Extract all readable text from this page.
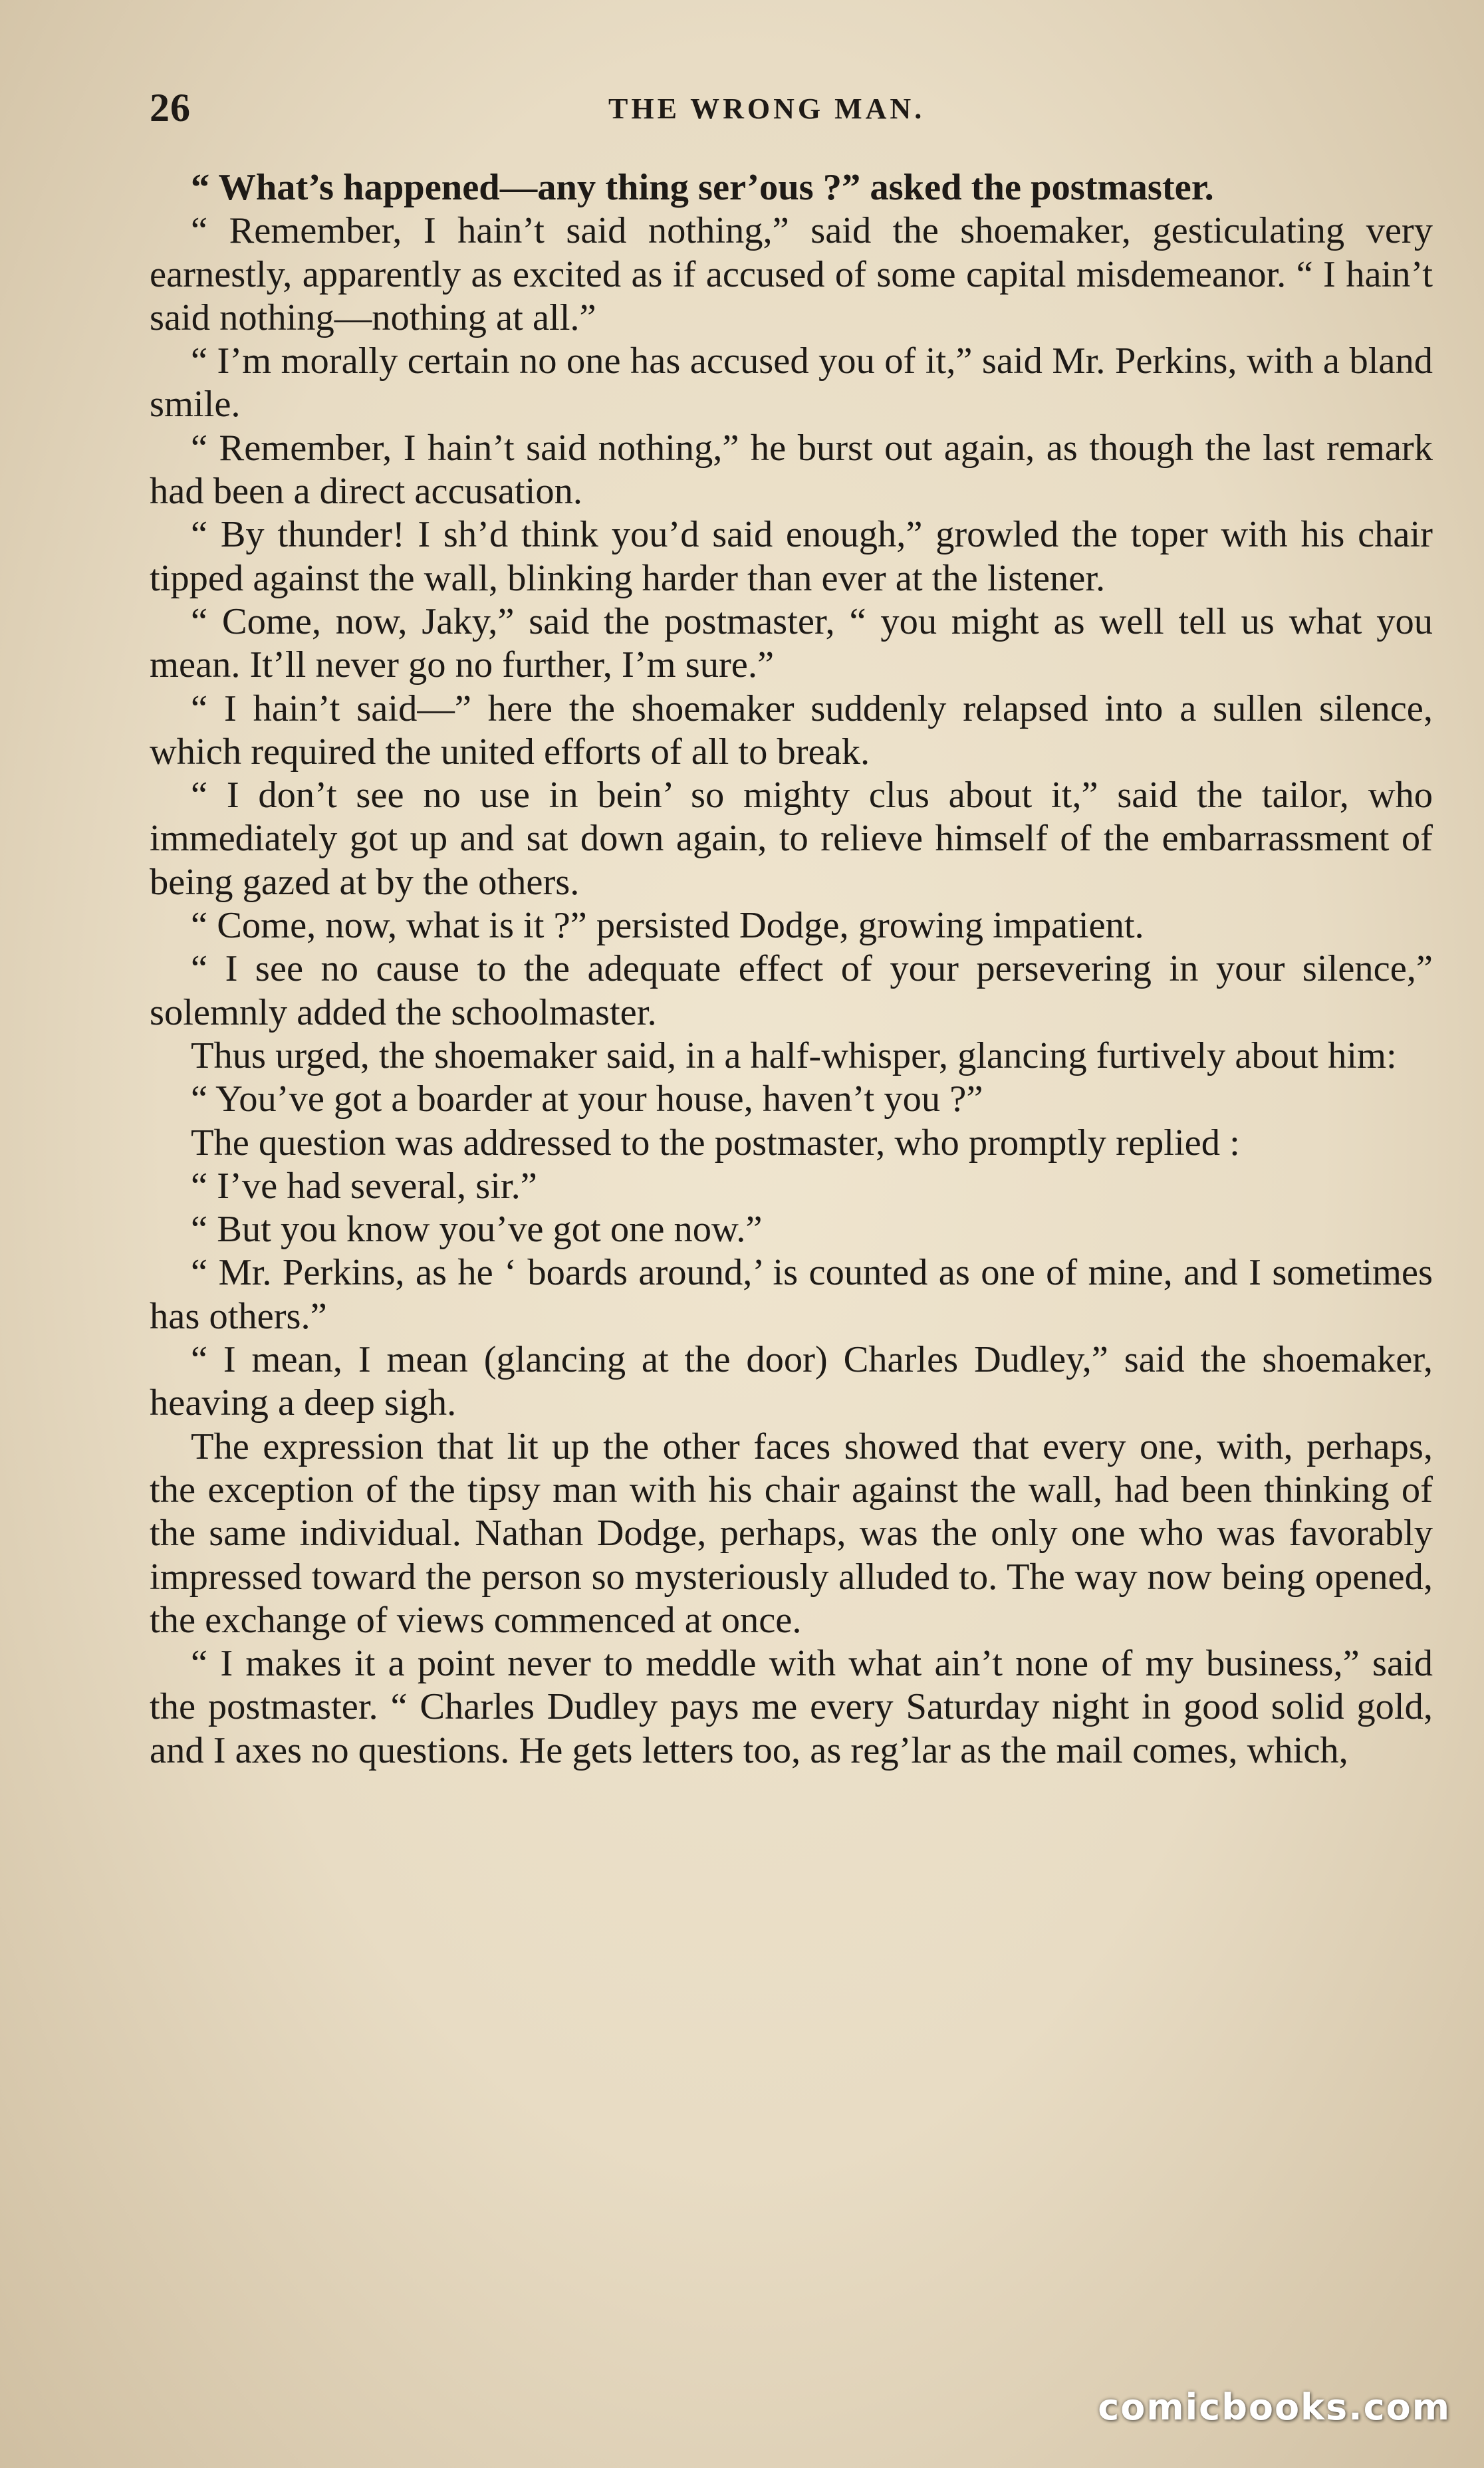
26	THE WRONG MAN.

“ What’s happened—any thing ser’ous ?” asked the postmaster.

“ Remember, I hain’t said nothing,” said the shoemaker, gesticulating very earnestly, apparently as excited as if accused of some capital misdemeanor. “ I hain’t said nothing—nothing at all.”

“ I’m morally certain no one has accused you of it,” said Mr. Perkins, with a bland smile.

“ Remember, I hain’t said nothing,” he burst out again, as though the last remark had been a direct accusation.

“ By thunder! I sh’d think you’d said enough,” growled the toper with his chair tipped against the wall, blinking harder than ever at the listener.

“ Come, now, Jaky,” said the postmaster, “ you might as well tell us what you mean. It’ll never go no further, I’m sure.”

“ I hain’t said—” here the shoemaker suddenly relapsed into a sullen silence, which required the united efforts of all to break.

“ I don’t see no use in bein’ so mighty clus about it,” said the tailor, who immediately got up and sat down again, to relieve himself of the embarrassment of being gazed at by the others.

“ Come, now, what is it ?” persisted Dodge, growing impatient.

“ I see no cause to the adequate effect of your persevering in your silence,” solemnly added the schoolmaster.

Thus urged, the shoemaker said, in a half-whisper, glancing furtively about him:

“ You’ve got a boarder at your house, haven’t you ?”

The question was addressed to the postmaster, who promptly replied :

“ I’ve had several, sir.”

“ But you know you’ve got one now.”

“ Mr. Perkins, as he ‘ boards around,’ is counted as one of mine, and I sometimes has others.”

“ I mean, I mean (glancing at the door) Charles Dudley,” said the shoemaker, heaving a deep sigh.

The expression that lit up the other faces showed that every one, with, perhaps, the exception of the tipsy man with his chair against the wall, had been thinking of the same individual. Nathan Dodge, perhaps, was the only one who was favorably impressed toward the person so mysteriously alluded to. The way now being opened, the exchange of views commenced at once.

“ I makes it a point never to meddle with what ain’t none of my business,” said the postmaster. “ Charles Dudley pays me every Saturday night in good solid gold, and I axes no questions. He gets letters too, as reg’lar as the mail comes, which,

comicbooks.com
